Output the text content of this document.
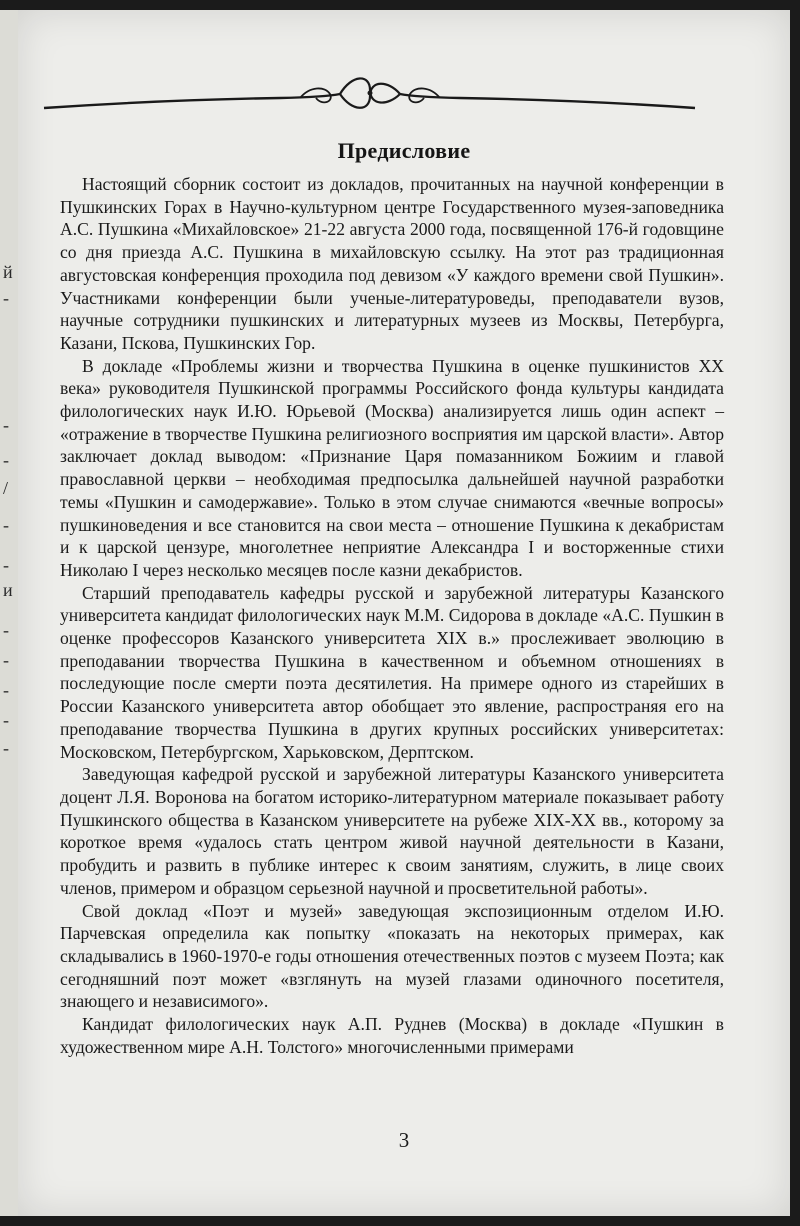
й
-
-
-
/
-
-
и
-
-
-
-
-
Предисловие

Настоящий сборник состоит из докладов, прочитанных на научной конференции в Пушкинских Горах в Научно-культурном центре Государственного музея-заповедника А.С. Пушкина «Михайловское» 21-22 августа 2000 года, посвященной 176-й годовщине со дня приезда А.С. Пушкина в михайловскую ссылку. На этот раз традиционная августовская конференция проходила под девизом «У каждого времени свой Пушкин». Участниками конференции были ученые-литературоведы, преподаватели вузов, научные сотрудники пушкинских и литературных музеев из Москвы, Петербурга, Казани, Пскова, Пушкинских Гор.

В докладе «Проблемы жизни и творчества Пушкина в оценке пушкинистов XX века» руководителя Пушкинской программы Российского фонда культуры кандидата филологических наук И.Ю. Юрьевой (Москва) анализируется лишь один аспект – «отражение в творчестве Пушкина религиозного восприятия им царской власти». Автор заключает доклад выводом: «Признание Царя помазанником Божиим и главой православной церкви – необходимая предпосылка дальнейшей научной разработки темы «Пушкин и самодержавие». Только в этом случае снимаются «вечные вопросы» пушкиноведения и все становится на свои места – отношение Пушкина к декабристам и к царской цензуре, многолетнее неприятие Александра I и восторженные стихи Николаю I через несколько месяцев после казни декабристов.

Старший преподаватель кафедры русской и зарубежной литературы Казанского университета кандидат филологических наук М.М. Сидорова в докладе «А.С. Пушкин в оценке профессоров Казанского университета XIX в.» прослеживает эволюцию в преподавании творчества Пушкина в качественном и объемном отношениях в последующие после смерти поэта десятилетия. На примере одного из старейших в России Казанского университета автор обобщает это явление, распространяя его на преподавание творчества Пушкина в других крупных российских университетах: Московском, Петербургском, Харьковском, Дерптском.

Заведующая кафедрой русской и зарубежной литературы Казанского университета доцент Л.Я. Воронова на богатом историко-литературном материале показывает работу Пушкинского общества в Казанском университете на рубеже XIX-XX вв., которому за короткое время «удалось стать центром живой научной деятельности в Казани, пробудить и развить в публике интерес к своим занятиям, служить, в лице своих членов, примером и образцом серьезной научной и просветительной работы».

Свой доклад «Поэт и музей» заведующая экспозиционным отделом И.Ю. Парчевская определила как попытку «показать на некоторых примерах, как складывались в 1960-1970-е годы отношения отечественных поэтов с музеем Поэта; как сегодняшний поэт может «взглянуть на музей глазами одиночного посетителя, знающего и независимого».

Кандидат филологических наук А.П. Руднев (Москва) в докладе «Пушкин в художественном мире А.Н. Толстого» многочисленными примерами

3
